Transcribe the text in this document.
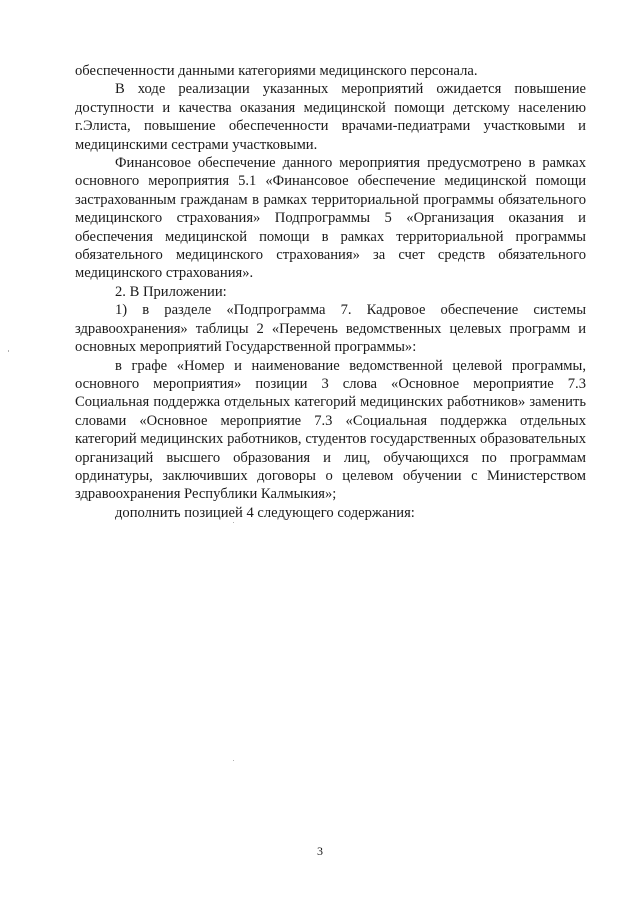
обеспеченности данными категориями медицинского персонала.

В ходе реализации указанных мероприятий ожидается повышение доступности и качества оказания медицинской помощи детскому населению г.Элиста, повышение обеспеченности врачами-педиатрами участковыми и медицинскими сестрами участковыми.

Финансовое обеспечение данного мероприятия предусмотрено в рамках основного мероприятия 5.1 «Финансовое обеспечение медицинской помощи застрахованным гражданам в рамках территориальной программы обязательного медицинского страхования» Подпрограммы 5 «Организация оказания и обеспечения медицинской помощи в рамках территориальной программы обязательного медицинского страхования» за счет средств обязательного медицинского страхования».

2. В Приложении:

1) в разделе «Подпрограмма 7. Кадровое обеспечение системы здравоохранения» таблицы 2 «Перечень ведомственных целевых программ и основных мероприятий Государственной программы»:

в графе «Номер и наименование ведомственной целевой программы, основного мероприятия» позиции 3 слова «Основное мероприятие 7.3 Социальная поддержка отдельных категорий медицинских работников» заменить словами «Основное мероприятие 7.3 «Социальная поддержка отдельных категорий медицинских работников, студентов государственных образовательных организаций высшего образования и лиц, обучающихся по программам ординатуры, заключивших договоры о целевом обучении с Министерством здравоохранения Республики Калмыкия»;

дополнить позицией 4 следующего содержания:

3
